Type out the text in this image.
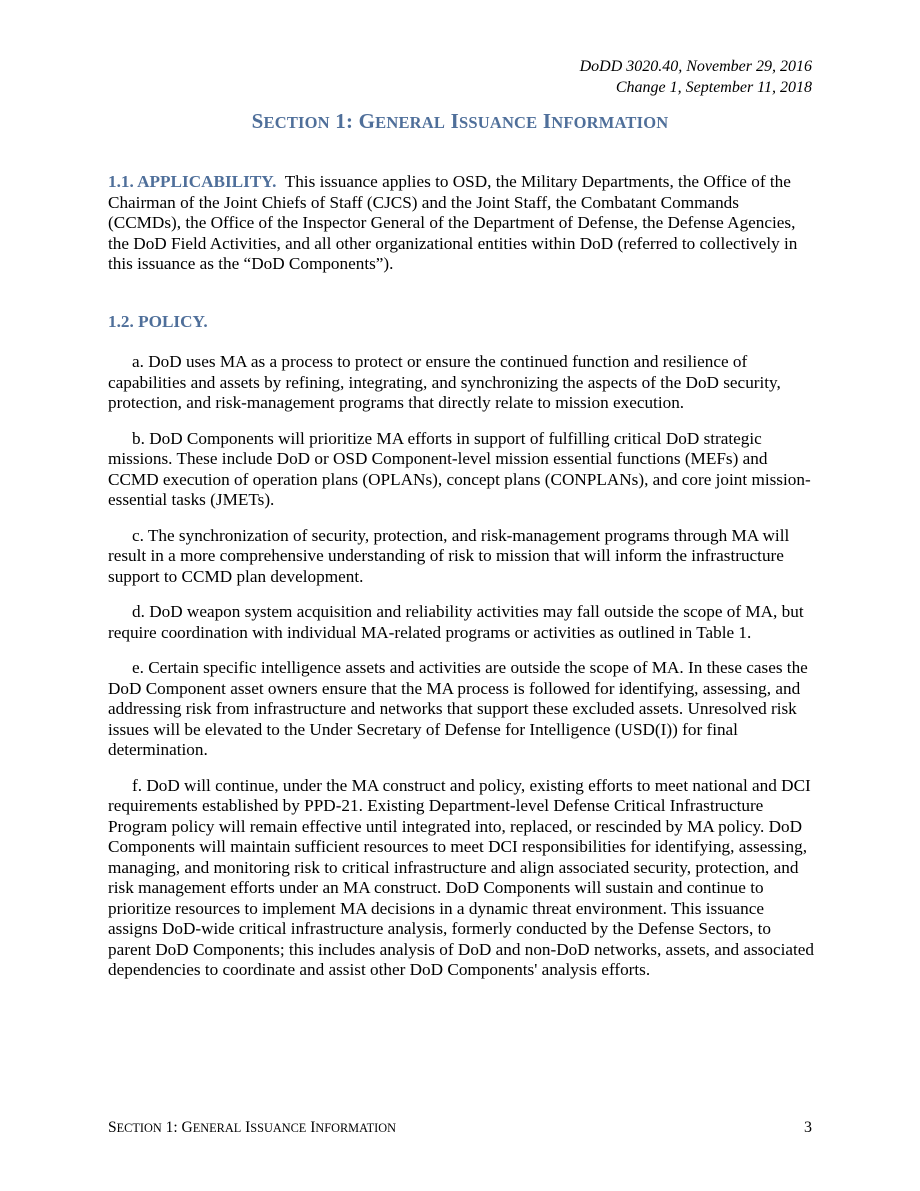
DoDD 3020.40, November 29, 2016
Change 1, September 11, 2018
SECTION 1: GENERAL ISSUANCE INFORMATION

1.1. APPLICABILITY. This issuance applies to OSD, the Military Departments, the Office of the Chairman of the Joint Chiefs of Staff (CJCS) and the Joint Staff, the Combatant Commands (CCMDs), the Office of the Inspector General of the Department of Defense, the Defense Agencies, the DoD Field Activities, and all other organizational entities within DoD (referred to collectively in this issuance as the “DoD Components”).

1.2. POLICY.

a. DoD uses MA as a process to protect or ensure the continued function and resilience of capabilities and assets by refining, integrating, and synchronizing the aspects of the DoD security, protection, and risk-management programs that directly relate to mission execution.

b. DoD Components will prioritize MA efforts in support of fulfilling critical DoD strategic missions. These include DoD or OSD Component-level mission essential functions (MEFs) and CCMD execution of operation plans (OPLANs), concept plans (CONPLANs), and core joint mission-essential tasks (JMETs).

c. The synchronization of security, protection, and risk-management programs through MA will result in a more comprehensive understanding of risk to mission that will inform the infrastructure support to CCMD plan development.

d. DoD weapon system acquisition and reliability activities may fall outside the scope of MA, but require coordination with individual MA-related programs or activities as outlined in Table 1.

e. Certain specific intelligence assets and activities are outside the scope of MA. In these cases the DoD Component asset owners ensure that the MA process is followed for identifying, assessing, and addressing risk from infrastructure and networks that support these excluded assets. Unresolved risk issues will be elevated to the Under Secretary of Defense for Intelligence (USD(I)) for final determination.

f. DoD will continue, under the MA construct and policy, existing efforts to meet national and DCI requirements established by PPD-21. Existing Department-level Defense Critical Infrastructure Program policy will remain effective until integrated into, replaced, or rescinded by MA policy. DoD Components will maintain sufficient resources to meet DCI responsibilities for identifying, assessing, managing, and monitoring risk to critical infrastructure and align associated security, protection, and risk management efforts under an MA construct. DoD Components will sustain and continue to prioritize resources to implement MA decisions in a dynamic threat environment. This issuance assigns DoD-wide critical infrastructure analysis, formerly conducted by the Defense Sectors, to parent DoD Components; this includes analysis of DoD and non-DoD networks, assets, and associated dependencies to coordinate and assist other DoD Components' analysis efforts.

SECTION 1: GENERAL ISSUANCE INFORMATION	3
